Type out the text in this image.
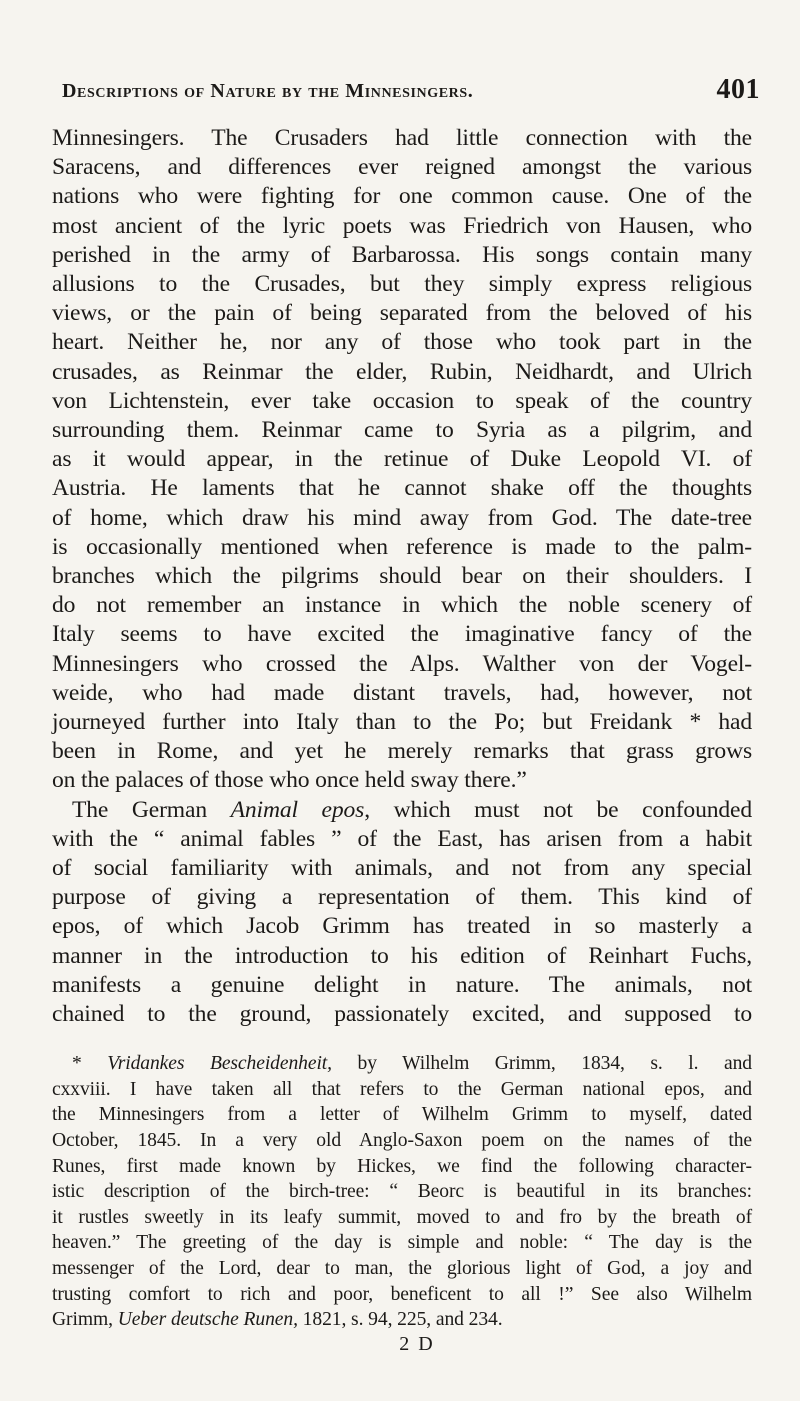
Descriptions of Nature by the Minnesingers.	401
Minnesingers. The Crusaders had little connection with the
Saracens, and differences ever reigned amongst the various
nations who were fighting for one common cause. One of the
most ancient of the lyric poets was Friedrich von Hausen, who
perished in the army of Barbarossa. His songs contain many
allusions to the Crusades, but they simply express religious
views, or the pain of being separated from the beloved of his
heart. Neither he, nor any of those who took part in the
crusades, as Reinmar the elder, Rubin, Neidhardt, and Ulrich
von Lichtenstein, ever take occasion to speak of the country
surrounding them. Reinmar came to Syria as a pilgrim, and
as it would appear, in the retinue of Duke Leopold VI. of
Austria. He laments that he cannot shake off the thoughts
of home, which draw his mind away from God. The date-tree
is occasionally mentioned when reference is made to the palm-
branches which the pilgrims should bear on their shoulders. I
do not remember an instance in which the noble scenery of
Italy seems to have excited the imaginative fancy of the
Minnesingers who crossed the Alps. Walther von der Vogel-
weide, who had made distant travels, had, however, not
journeyed further into Italy than to the Po; but Freidank * had
been in Rome, and yet he merely remarks that grass grows
on the palaces of those who once held sway there.”
The German Animal epos, which must not be confounded
with the “ animal fables ” of the East, has arisen from a habit
of social familiarity with animals, and not from any special
purpose of giving a representation of them. This kind of
epos, of which Jacob Grimm has treated in so masterly a
manner in the introduction to his edition of Reinhart Fuchs,
manifests a genuine delight in nature. The animals, not
chained to the ground, passionately excited, and supposed to
* Vridankes Bescheidenheit, by Wilhelm Grimm, 1834, s. l. and
cxxviii. I have taken all that refers to the German national epos, and
the Minnesingers from a letter of Wilhelm Grimm to myself, dated
October, 1845. In a very old Anglo-Saxon poem on the names of the
Runes, first made known by Hickes, we find the following character-
istic description of the birch-tree: “ Beorc is beautiful in its branches:
it rustles sweetly in its leafy summit, moved to and fro by the breath of
heaven.” The greeting of the day is simple and noble: “ The day is the
messenger of the Lord, dear to man, the glorious light of God, a joy and
trusting comfort to rich and poor, beneficent to all !” See also Wilhelm
Grimm, Ueber deutsche Runen, 1821, s. 94, 225, and 234.
2 D
